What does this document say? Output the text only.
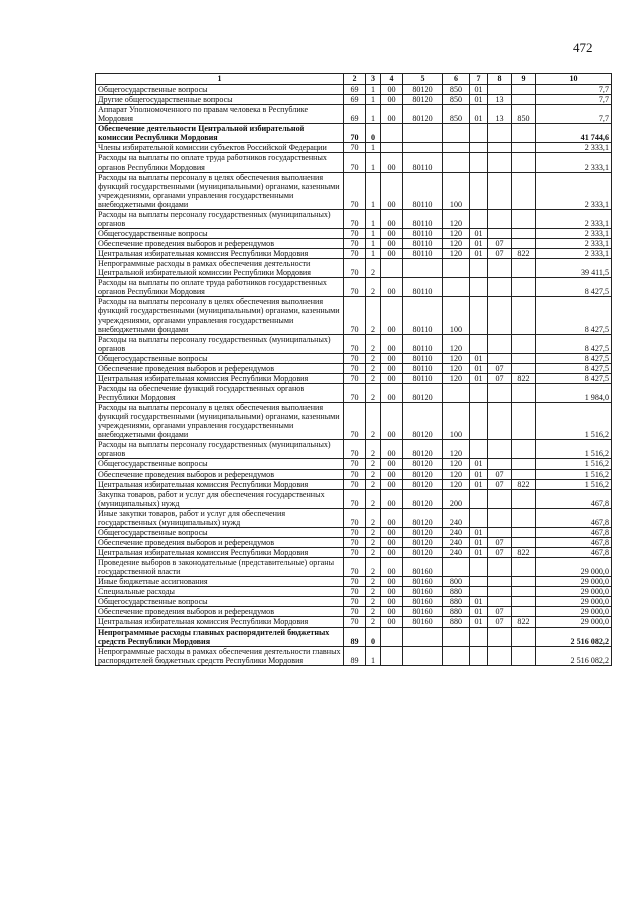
472
1	2	3	4	5	6	7	8	9	10
Общегосударственные вопросы	69	1	00	80120	850	01			7,7
Другие общегосударственные вопросы	69	1	00	80120	850	01	13		7,7
Аппарат Уполномоченного по правам человека в Республике Мордовия	69	1	00	80120	850	01	13	850	7,7
Обеспечение деятельности Центральной избирательной комиссии Республики Мордовия	70	0							41 744,6
Члены избирательной комиссии субъектов Российской Федерации	70	1							2 333,1
Расходы на выплаты по оплате труда работников государственных органов Республики Мордовия	70	1	00	80110					2 333,1
Расходы на выплаты персоналу в целях обеспечения выполнения функций государственными (муниципальными) органами, казенными учреждениями, органами управления государственными внебюджетными фондами	70	1	00	80110	100				2 333,1
Расходы на выплаты персоналу государственных (муниципальных) органов	70	1	00	80110	120				2 333,1
Общегосударственные вопросы	70	1	00	80110	120	01			2 333,1
Обеспечение проведения выборов и референдумов	70	1	00	80110	120	01	07		2 333,1
Центральная избирательная комиссия Республики Мордовия	70	1	00	80110	120	01	07	822	2 333,1
Непрограммные расходы в рамках обеспечения деятельности Центральной избирательной комиссии Республики Мордовия	70	2							39 411,5
Расходы на выплаты по оплате труда работников государственных органов Республики Мордовия	70	2	00	80110					8 427,5
Расходы на выплаты персоналу в целях обеспечения выполнения функций государственными (муниципальными) органами, казенными учреждениями, органами управления государственными внебюджетными фондами	70	2	00	80110	100				8 427,5
Расходы на выплаты персоналу государственных (муниципальных) органов	70	2	00	80110	120				8 427,5
Общегосударственные вопросы	70	2	00	80110	120	01			8 427,5
Обеспечение проведения выборов и референдумов	70	2	00	80110	120	01	07		8 427,5
Центральная избирательная комиссия Республики Мордовия	70	2	00	80110	120	01	07	822	8 427,5
Расходы на обеспечение функций государственных органов Республики Мордовия	70	2	00	80120					1 984,0
Расходы на выплаты персоналу в целях обеспечения выполнения функций государственными (муниципальными) органами, казенными учреждениями, органами управления государственными внебюджетными фондами	70	2	00	80120	100				1 516,2
Расходы на выплаты персоналу государственных (муниципальных) органов	70	2	00	80120	120				1 516,2
Общегосударственные вопросы	70	2	00	80120	120	01			1 516,2
Обеспечение проведения выборов и референдумов	70	2	00	80120	120	01	07		1 516,2
Центральная избирательная комиссия Республики Мордовия	70	2	00	80120	120	01	07	822	1 516,2
Закупка товаров, работ и услуг для обеспечения государственных (муниципальных) нужд	70	2	00	80120	200				467,8
Иные закупки товаров, работ и услуг для обеспечения государственных (муниципальных) нужд	70	2	00	80120	240				467,8
Общегосударственные вопросы	70	2	00	80120	240	01			467,8
Обеспечение проведения выборов и референдумов	70	2	00	80120	240	01	07		467,8
Центральная избирательная комиссия Республики Мордовия	70	2	00	80120	240	01	07	822	467,8
Проведение выборов в законодательные (представительные) органы государственной власти	70	2	00	80160					29 000,0
Иные бюджетные ассигнования	70	2	00	80160	800				29 000,0
Специальные расходы	70	2	00	80160	880				29 000,0
Общегосударственные вопросы	70	2	00	80160	880	01			29 000,0
Обеспечение проведения выборов и референдумов	70	2	00	80160	880	01	07		29 000,0
Центральная избирательная комиссия Республики Мордовия	70	2	00	80160	880	01	07	822	29 000,0
Непрограммные расходы главных распорядителей бюджетных средств Республики Мордовия	89	0							2 516 082,2
Непрограммные расходы в рамках обеспечения деятельности главных распорядителей бюджетных средств Республики Мордовия	89	1							2 516 082,2
